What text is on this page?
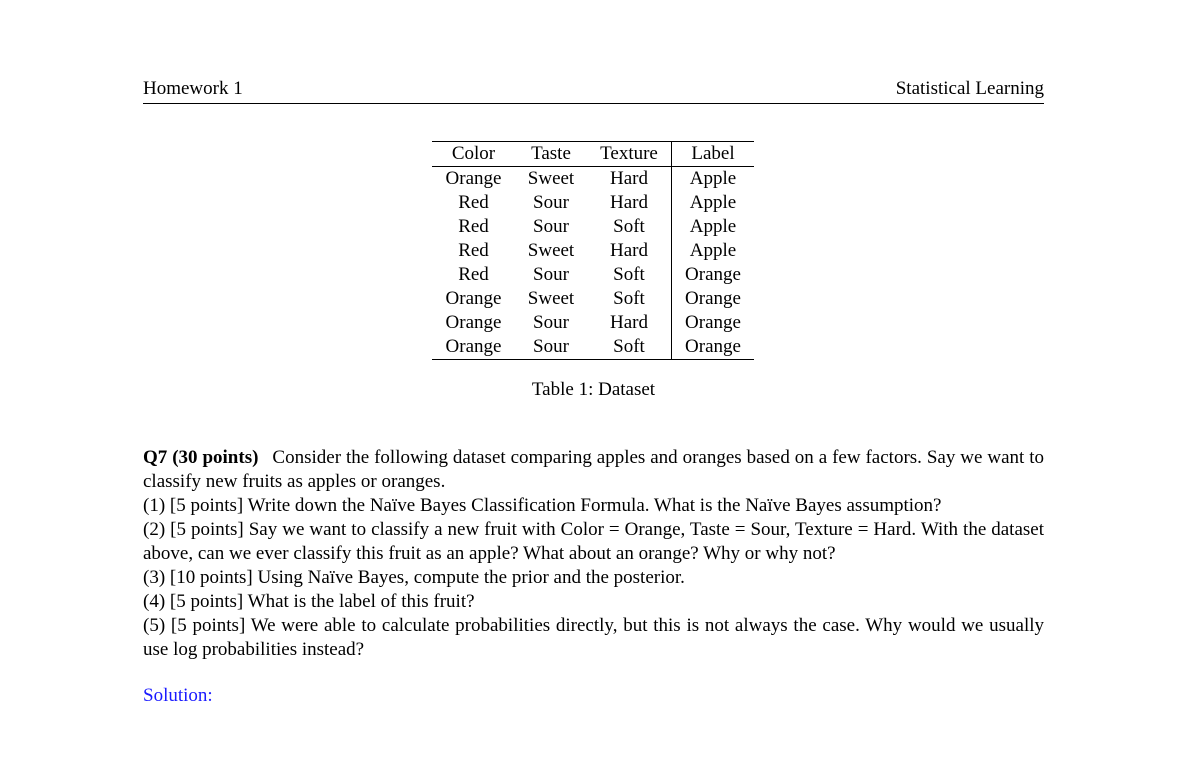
Homework 1	Statistical Learning
Color	Taste	Texture	Label
Orange	Sweet	Hard	Apple
Red	Sour	Hard	Apple
Red	Sour	Soft	Apple
Red	Sweet	Hard	Apple
Red	Sour	Soft	Orange
Orange	Sweet	Soft	Orange
Orange	Sour	Hard	Orange
Orange	Sour	Soft	Orange
Table 1: Dataset

Q7 (30 points) Consider the following dataset comparing apples and oranges based on a few factors. Say we want to classify new fruits as apples or oranges.

(1) [5 points] Write down the Naïve Bayes Classification Formula. What is the Naïve Bayes assumption?

(2) [5 points] Say we want to classify a new fruit with Color = Orange, Taste = Sour, Texture = Hard. With the dataset above, can we ever classify this fruit as an apple? What about an orange? Why or why not?

(3) [10 points] Using Naïve Bayes, compute the prior and the posterior.

(4) [5 points] What is the label of this fruit?

(5) [5 points] We were able to calculate probabilities directly, but this is not always the case. Why would we usually use log probabilities instead?

Solution:
